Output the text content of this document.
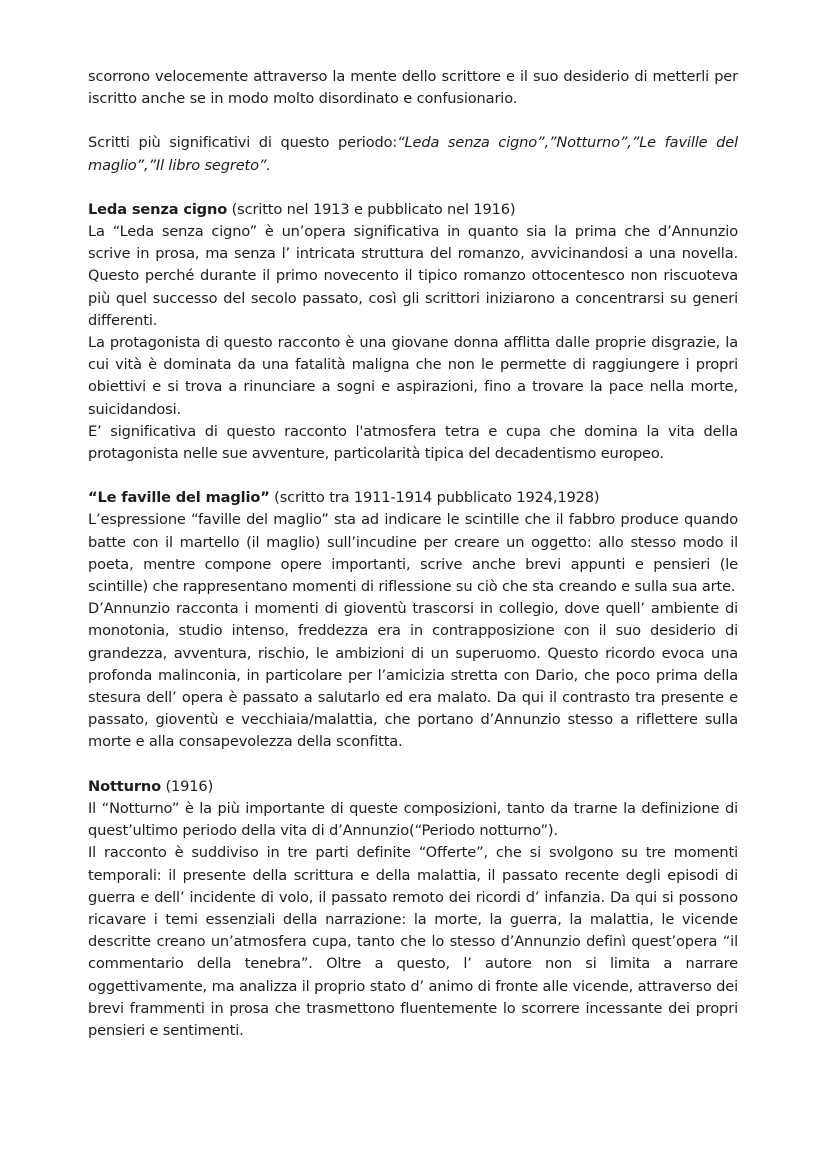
scorrono velocemente attraverso la mente dello scrittore e il suo desiderio di metterli per iscritto anche se in modo molto disordinato e confusionario.

Scritti più significativi di questo periodo:“Leda senza cigno”,”Notturno”,”Le faville del maglio”,”Il libro segreto”.

Leda senza cigno (scritto nel 1913 e pubblicato nel 1916)

La “Leda senza cigno” è un’opera significativa in quanto sia la prima che d’Annunzio scrive in prosa, ma senza l’ intricata struttura del romanzo, avvicinandosi a una novella. Questo perché durante il primo novecento il tipico romanzo ottocentesco non riscuoteva più quel successo del secolo passato, così gli scrittori iniziarono a concentrarsi su generi differenti.

La protagonista di questo racconto è una giovane donna afflitta dalle proprie disgrazie, la cui vità è dominata da una fatalità maligna che non le permette di raggiungere i propri obiettivi e si trova a rinunciare a sogni e aspirazioni, fino a trovare la pace nella morte, suicidandosi.

E’ significativa di questo racconto l'atmosfera tetra e cupa che domina la vita della protagonista nelle sue avventure, particolarità tipica del decadentismo europeo.

“Le faville del maglio” (scritto tra 1911-1914 pubblicato 1924,1928)

L’espressione “faville del maglio” sta ad indicare le scintille che il fabbro produce quando batte con il martello (il maglio) sull’incudine per creare un oggetto: allo stesso modo il poeta, mentre compone opere importanti, scrive anche brevi appunti e pensieri (le scintille) che rappresentano momenti di riflessione su ciò che sta creando e sulla sua arte.

D’Annunzio racconta i momenti di gioventù trascorsi in collegio, dove quell’ ambiente di monotonia, studio intenso, freddezza era in contrapposizione con il suo desiderio di grandezza, avventura, rischio, le ambizioni di un superuomo. Questo ricordo evoca una profonda malinconia, in particolare per l’amicizia stretta con Dario, che poco prima della stesura dell’ opera è passato a salutarlo ed era malato. Da qui il contrasto tra presente e passato, gioventù e vecchiaia/malattia, che portano d’Annunzio stesso a riflettere sulla morte e alla consapevolezza della sconfitta.

Notturno (1916)

Il “Notturno” è la più importante di queste composizioni, tanto da trarne la definizione di quest’ultimo periodo della vita di d’Annunzio(“Periodo notturno”).

Il racconto è suddiviso in tre parti definite “Offerte”, che si svolgono su tre momenti temporali: il presente della scrittura e della malattia, il passato recente degli episodi di guerra e dell’ incidente di volo, il passato remoto dei ricordi d’ infanzia. Da qui si possono ricavare i temi essenziali della narrazione: la morte, la guerra, la malattia, le vicende descritte creano un’atmosfera cupa, tanto che lo stesso d’Annunzio definì quest’opera “il commentario della tenebra”. Oltre a questo, l’ autore non si limita a narrare oggettivamente, ma analizza il proprio stato d’ animo di fronte alle vicende, attraverso dei brevi frammenti in prosa che trasmettono fluentemente lo scorrere incessante dei propri pensieri e sentimenti.
